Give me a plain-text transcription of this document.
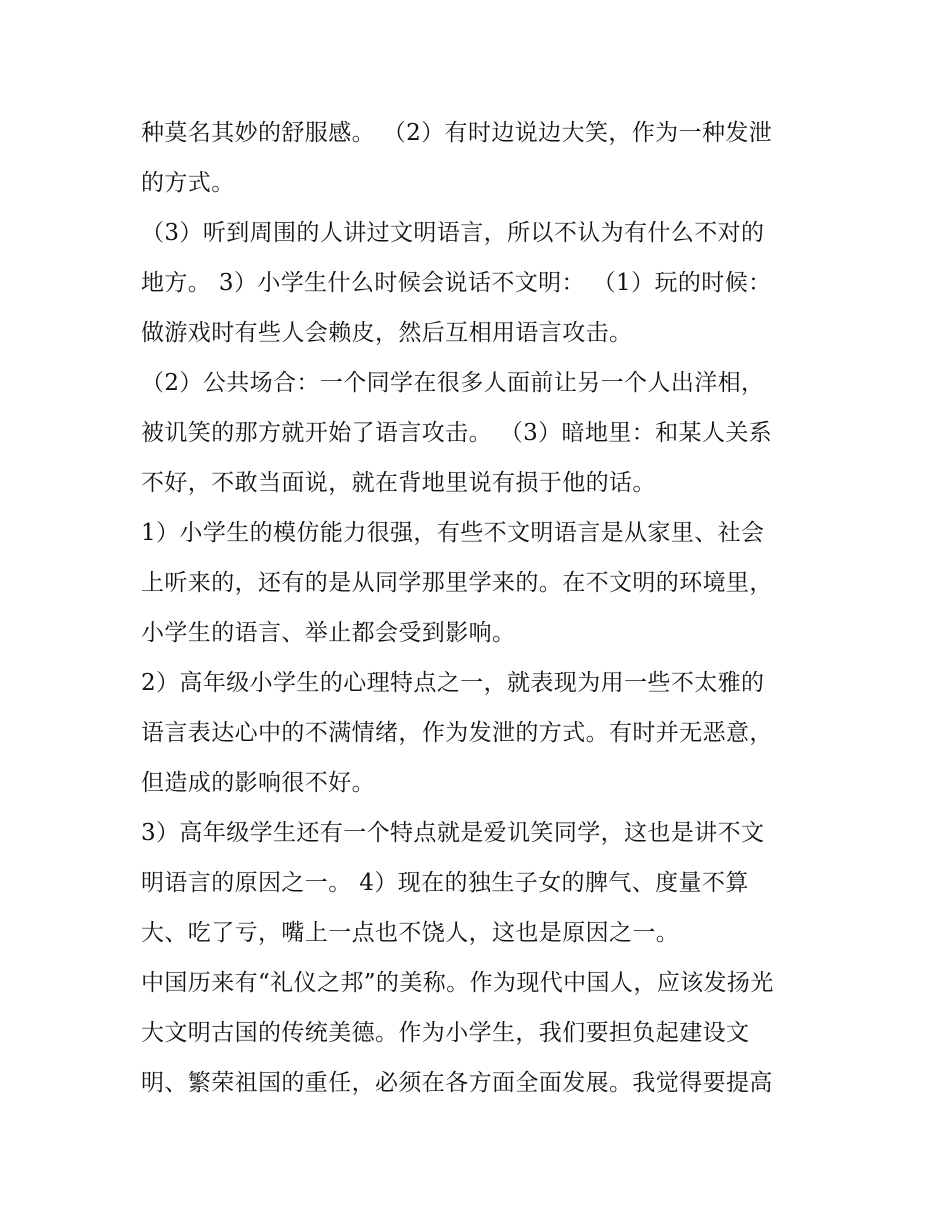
种莫名其妙的舒服感。 （2）有时边说边大笑，作为一种发泄
的方式。
（3）听到周围的人讲过文明语言，所以不认为有什么不对的
地方。 3）小学生什么时候会说话不文明： （1）玩的时候：
做游戏时有些人会赖皮，然后互相用语言攻击。
（2）公共场合：一个同学在很多人面前让另一个人出洋相，
被讥笑的那方就开始了语言攻击。 （3）暗地里：和某人关系
不好，不敢当面说，就在背地里说有损于他的话。
1）小学生的模仿能力很强，有些不文明语言是从家里、社会
上听来的，还有的是从同学那里学来的。在不文明的环境里，
小学生的语言、举止都会受到影响。
2）高年级小学生的心理特点之一，就表现为用一些不太雅的
语言表达心中的不满情绪，作为发泄的方式。有时并无恶意，
但造成的影响很不好。
3）高年级学生还有一个特点就是爱讥笑同学，这也是讲不文
明语言的原因之一。 4）现在的独生子女的脾气、度量不算
大、吃了亏，嘴上一点也不饶人，这也是原因之一。
中国历来有“礼仪之邦”的美称。作为现代中国人，应该发扬光
大文明古国的传统美德。作为小学生，我们要担负起建设文
明、繁荣祖国的重任，必须在各方面全面发展。我觉得要提高
